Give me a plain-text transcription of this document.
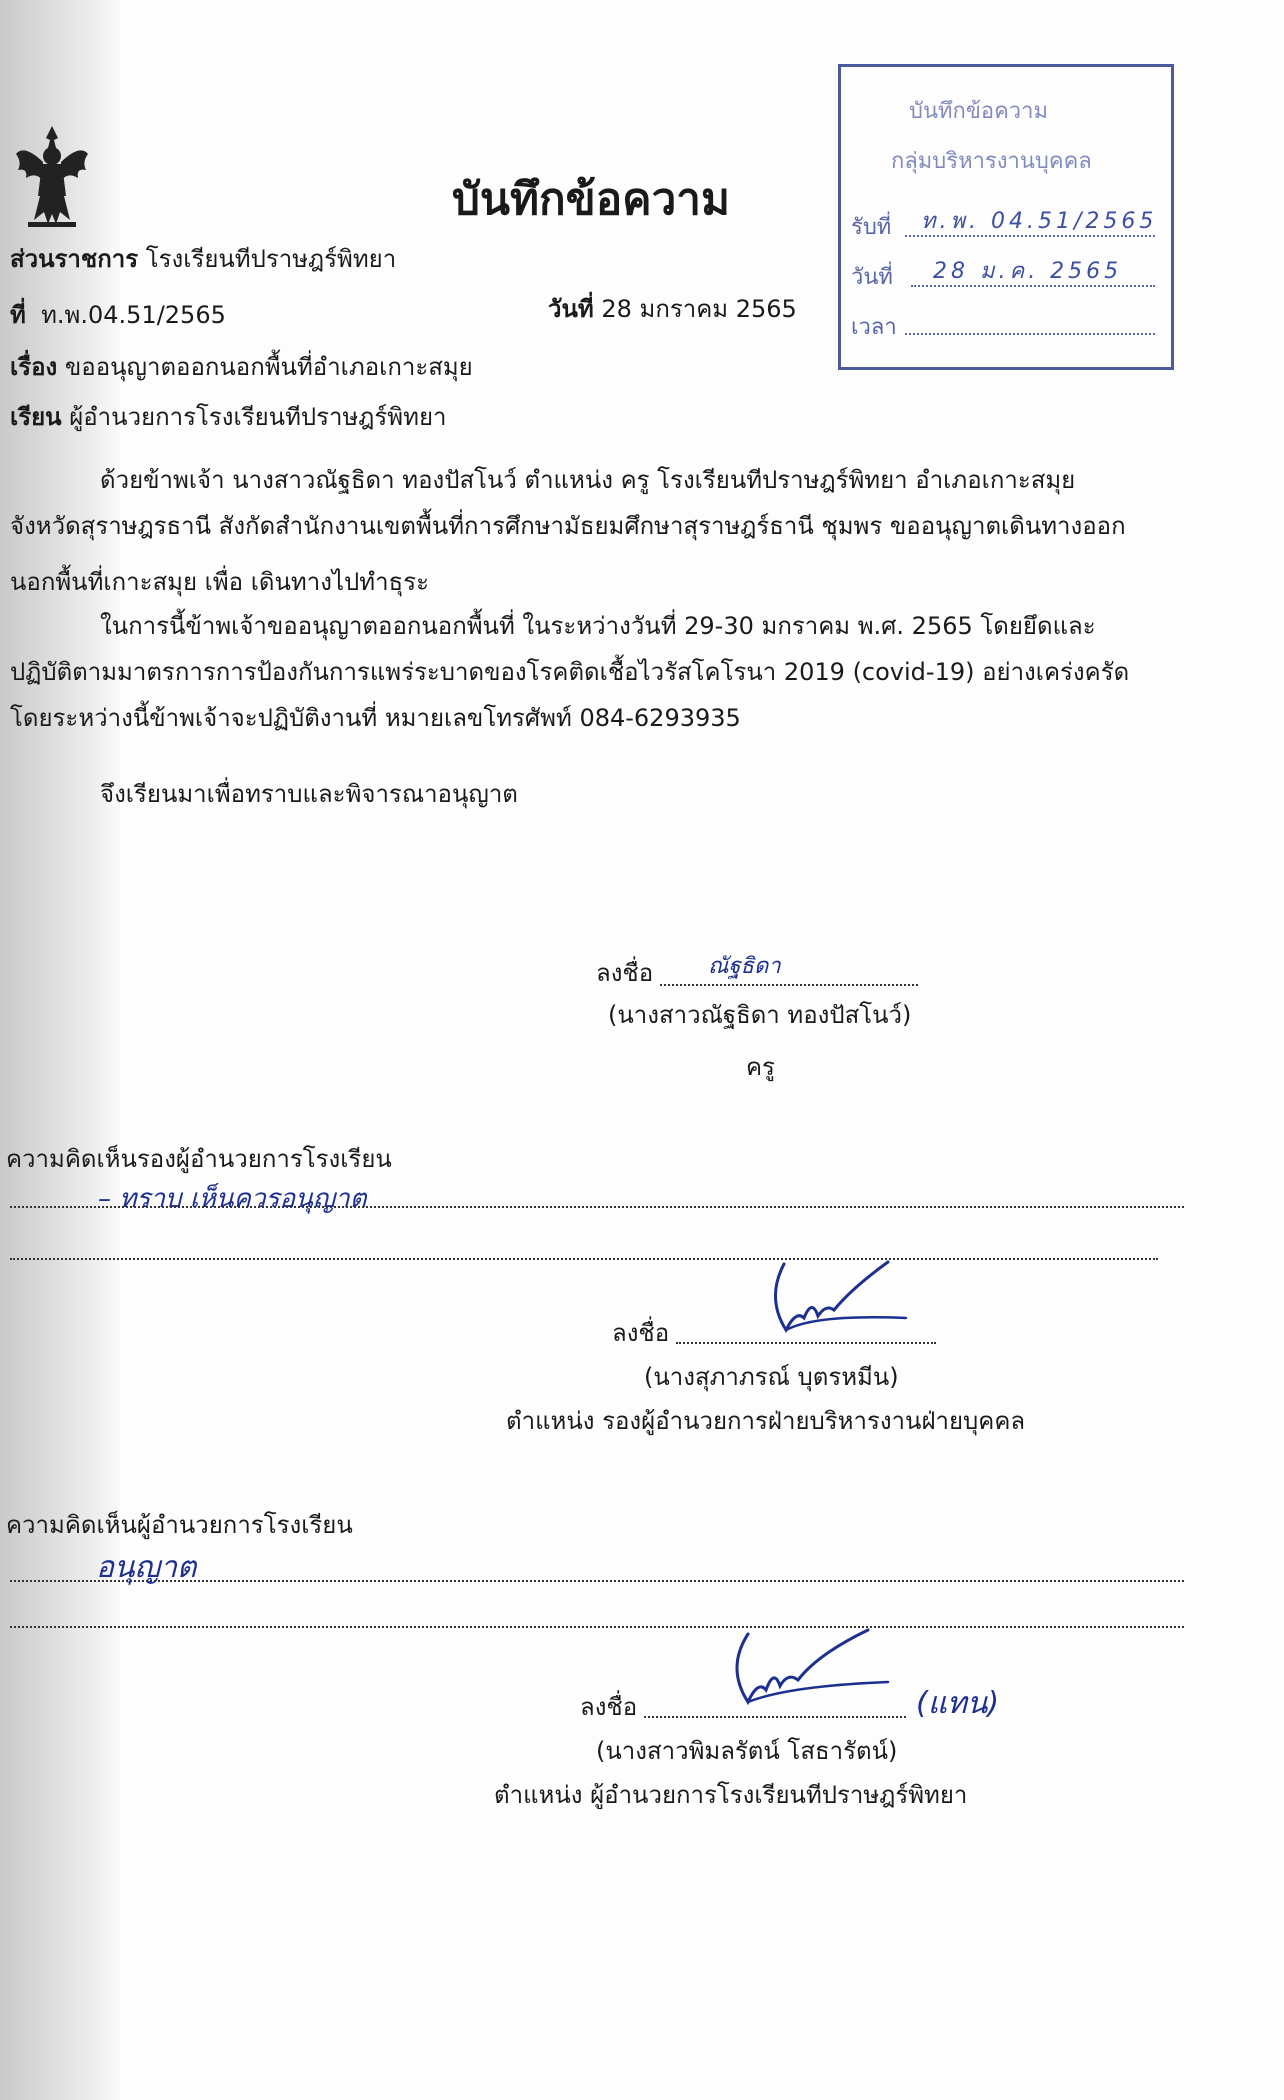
บันทึกข้อความ
กลุ่มบริหารงานบุคคล
รับที่ ท.พ. 04.51/2565
วันที่ 28 ม.ค. 2565
เวลา
บันทึกข้อความ
ส่วนราชการ โรงเรียนทีปราษฎร์พิทยา
ที่ ท.พ.04.51/2565	วันที่ 28 มกราคม 2565
เรื่อง ขออนุญาตออกนอกพื้นที่อำเภอเกาะสมุย
เรียน ผู้อำนวยการโรงเรียนทีปราษฎร์พิทยา
ด้วยข้าพเจ้า นางสาวณัฐธิดา ทองปัสโนว์ ตำแหน่ง ครู โรงเรียนทีปราษฎร์พิทยา อำเภอเกาะสมุย
จังหวัดสุราษฎรธานี สังกัดสำนักงานเขตพื้นที่การศึกษามัธยมศึกษาสุราษฎร์ธานี ชุมพร ขออนุญาตเดินทางออก
นอกพื้นที่เกาะสมุย เพื่อ เดินทางไปทำธุระ
ในการนี้ข้าพเจ้าขออนุญาตออกนอกพื้นที่ ในระหว่างวันที่ 29-30 มกราคม พ.ศ. 2565 โดยยึดและ
ปฏิบัติตามมาตรการการป้องกันการแพร่ระบาดของโรคติดเชื้อไวรัสโคโรนา 2019 (covid-19) อย่างเคร่งครัด
โดยระหว่างนี้ข้าพเจ้าจะปฏิบัติงานที่ หมายเลขโทรศัพท์ 084-6293935
จึงเรียนมาเพื่อทราบและพิจารณาอนุญาต
ลงชื่อ ณัฐธิดา
(นางสาวณัฐธิดา ทองปัสโนว์)
ครู
ความคิดเห็นรองผู้อำนวยการโรงเรียน
– ทราบ เห็นควรอนุญาต
ลงชื่อ
(นางสุภาภรณ์ บุตรหมีน)
ตำแหน่ง รองผู้อำนวยการฝ่ายบริหารงานฝ่ายบุคคล
ความคิดเห็นผู้อำนวยการโรงเรียน
อนุญาต
ลงชื่อ	(แทน)
(นางสาวพิมลรัตน์ โสธารัตน์)
ตำแหน่ง ผู้อำนวยการโรงเรียนทีปราษฎร์พิทยา
